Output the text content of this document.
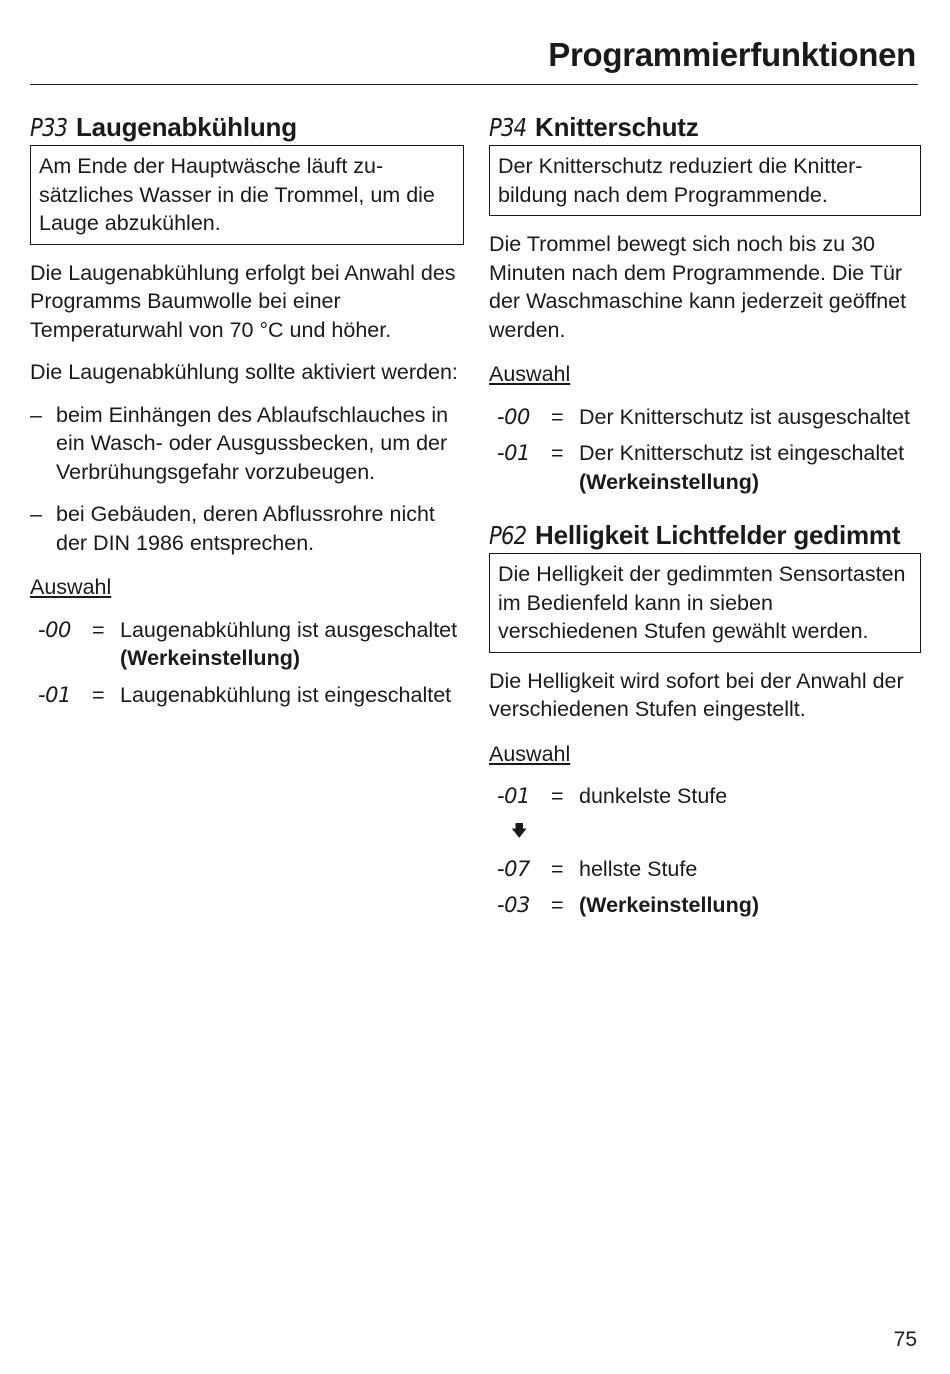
Programmierfunktionen
P33 Laugenabkühlung
Am Ende der Hauptwäsche läuft zusätzliches Wasser in die Trommel, um die Lauge abzukühlen.

Die Laugenabkühlung erfolgt bei Anwahl des Programms Baumwolle bei einer Temperaturwahl von 70 °C und höher.

Die Laugenabkühlung sollte aktiviert werden:

– beim Einhängen des Ablaufschlauches in ein Wasch- oder Ausgussbecken, um der Verbrühungsgefahr vorzubeugen.
– bei Gebäuden, deren Abflussrohre nicht der DIN 1986 entsprechen.

Auswahl

-00 = Laugenabkühlung ist ausgeschaltet (Werkeinstellung)
-01 = Laugenabkühlung ist eingeschaltet
P34 Knitterschutz
Der Knitterschutz reduziert die Knitterbildung nach dem Programmende.

Die Trommel bewegt sich noch bis zu 30 Minuten nach dem Programmende. Die Tür der Waschmaschine kann jederzeit geöffnet werden.

Auswahl

-00 = Der Knitterschutz ist ausgeschaltet
-01 = Der Knitterschutz ist eingeschaltet (Werkeinstellung)
P62 Helligkeit Lichtfelder gedimmt
Die Helligkeit der gedimmten Sensortasten im Bedienfeld kann in sieben verschiedenen Stufen gewählt werden.

Die Helligkeit wird sofort bei der Anwahl der verschiedenen Stufen eingestellt.

Auswahl

-01 = dunkelste Stufe
🡇
-07 = hellste Stufe
-03 = (Werkeinstellung)
75
